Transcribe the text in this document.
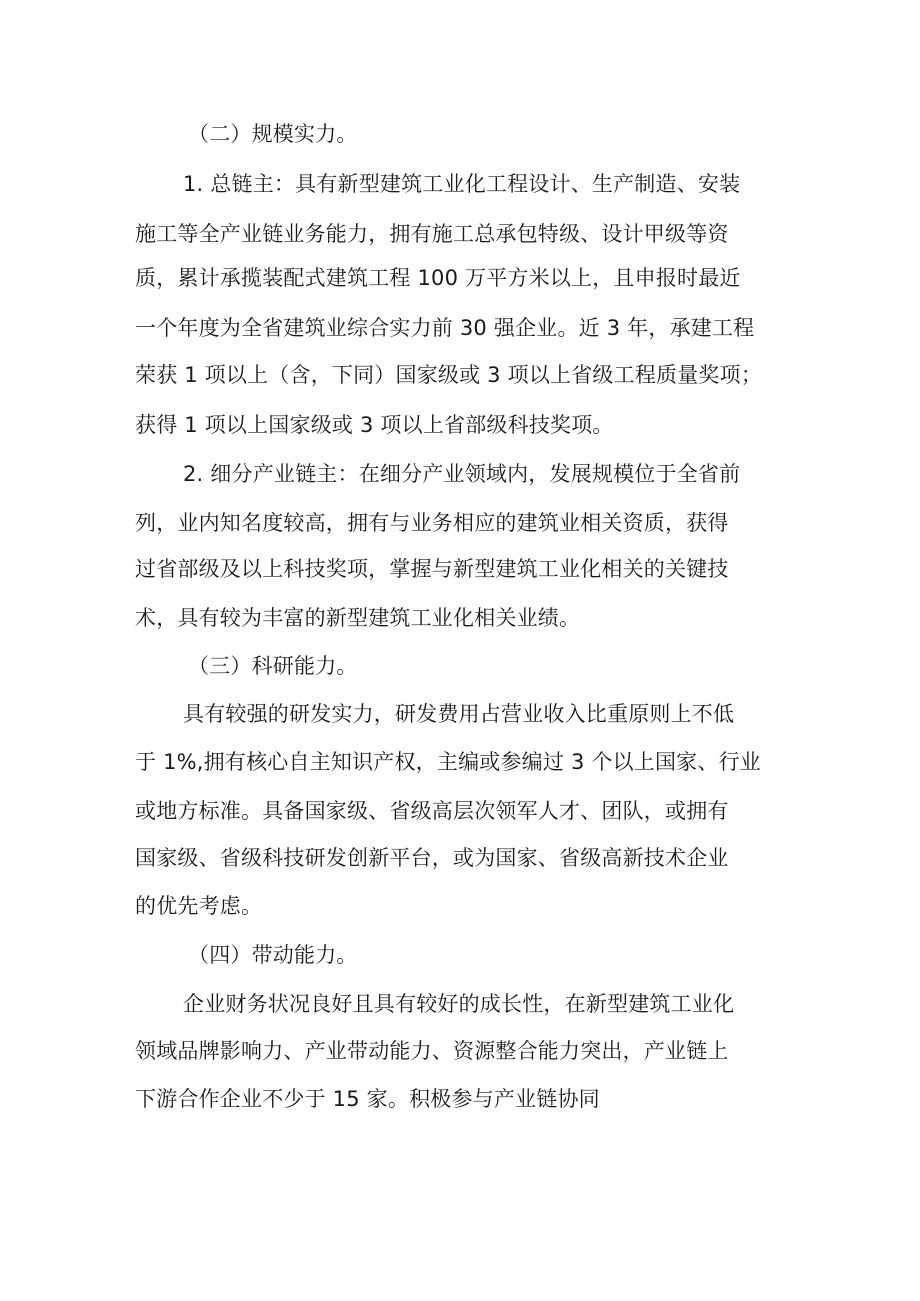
（二）规模实力。
1. 总链主：具有新型建筑工业化工程设计、生产制造、安装
施工等全产业链业务能力，拥有施工总承包特级、设计甲级等资
质，累计承揽装配式建筑工程 100 万平方米以上，且申报时最近
一个年度为全省建筑业综合实力前 30 强企业。近 3 年，承建工程
荣获 1 项以上（含，下同）国家级或 3 项以上省级工程质量奖项；
获得 1 项以上国家级或 3 项以上省部级科技奖项。
2. 细分产业链主：在细分产业领域内，发展规模位于全省前
列，业内知名度较高，拥有与业务相应的建筑业相关资质，获得
过省部级及以上科技奖项，掌握与新型建筑工业化相关的关键技
术，具有较为丰富的新型建筑工业化相关业绩。
（三）科研能力。
具有较强的研发实力，研发费用占营业收入比重原则上不低
于 1%,拥有核心自主知识产权，主编或参编过 3 个以上国家、行业
或地方标准。具备国家级、省级高层次领军人才、团队，或拥有
国家级、省级科技研发创新平台，或为国家、省级高新技术企业
的优先考虑。
（四）带动能力。
企业财务状况良好且具有较好的成长性，在新型建筑工业化
领域品牌影响力、产业带动能力、资源整合能力突出，产业链上
下游合作企业不少于 15 家。积极参与产业链协同
